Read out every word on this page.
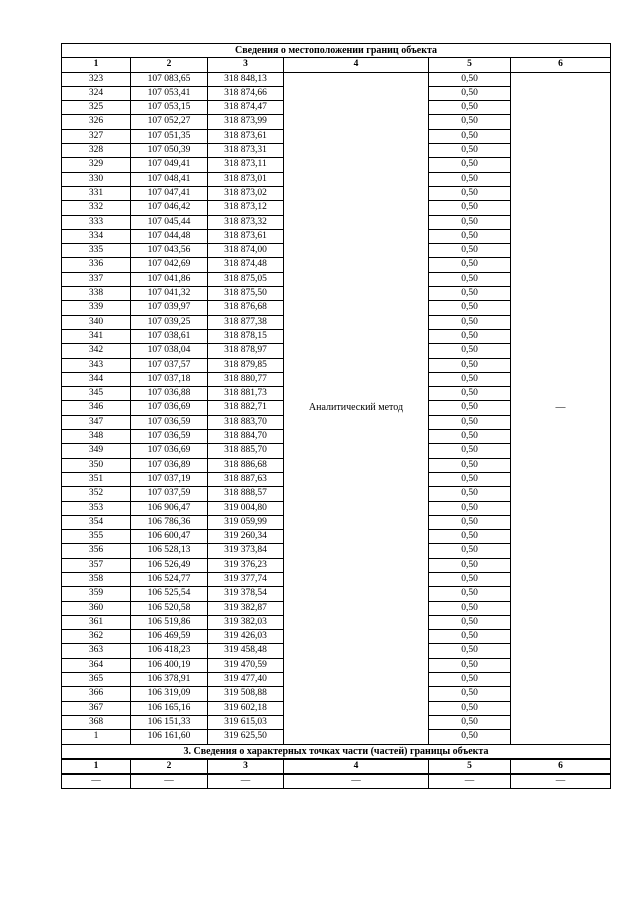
Сведения о местоположении границ объекта					
1	2	3	4	5	6
323	107 083,65	318 848,13	Аналитический метод	0,50	—
324	107 053,41	318 874,66		0,50	
325	107 053,15	318 874,47		0,50	
326	107 052,27	318 873,99		0,50	
327	107 051,35	318 873,61		0,50	
328	107 050,39	318 873,31		0,50	
329	107 049,41	318 873,11		0,50	
330	107 048,41	318 873,01		0,50	
331	107 047,41	318 873,02		0,50	
332	107 046,42	318 873,12		0,50	
333	107 045,44	318 873,32		0,50	
334	107 044,48	318 873,61		0,50	
335	107 043,56	318 874,00		0,50	
336	107 042,69	318 874,48		0,50	
337	107 041,86	318 875,05		0,50	
338	107 041,32	318 875,50		0,50	
339	107 039,97	318 876,68		0,50	
340	107 039,25	318 877,38		0,50	
341	107 038,61	318 878,15		0,50	
342	107 038,04	318 878,97		0,50	
343	107 037,57	318 879,85		0,50	
344	107 037,18	318 880,77		0,50	
345	107 036,88	318 881,73		0,50	
346	107 036,69	318 882,71		0,50	
347	107 036,59	318 883,70		0,50	
348	107 036,59	318 884,70		0,50	
349	107 036,69	318 885,70		0,50	
350	107 036,89	318 886,68		0,50	
351	107 037,19	318 887,63		0,50	
352	107 037,59	318 888,57		0,50	
353	106 906,47	319 004,80		0,50	
354	106 786,36	319 059,99		0,50	
355	106 600,47	319 260,34		0,50	
356	106 528,13	319 373,84		0,50	
357	106 526,49	319 376,23		0,50	
358	106 524,77	319 377,74		0,50	
359	106 525,54	319 378,54		0,50	
360	106 520,58	319 382,87		0,50	
361	106 519,86	319 382,03		0,50	
362	106 469,59	319 426,03		0,50	
363	106 418,23	319 458,48		0,50	
364	106 400,19	319 470,59		0,50	
365	106 378,91	319 477,40		0,50	
366	106 319,09	319 508,88		0,50	
367	106 165,16	319 602,18		0,50	
368	106 151,33	319 615,03		0,50	
1	106 161,60	319 625,50		0,50	
3. Сведения о характерных точках части (частей) границы объекта					
1	2	3	4	5	6
—	—	—	—	—	—
